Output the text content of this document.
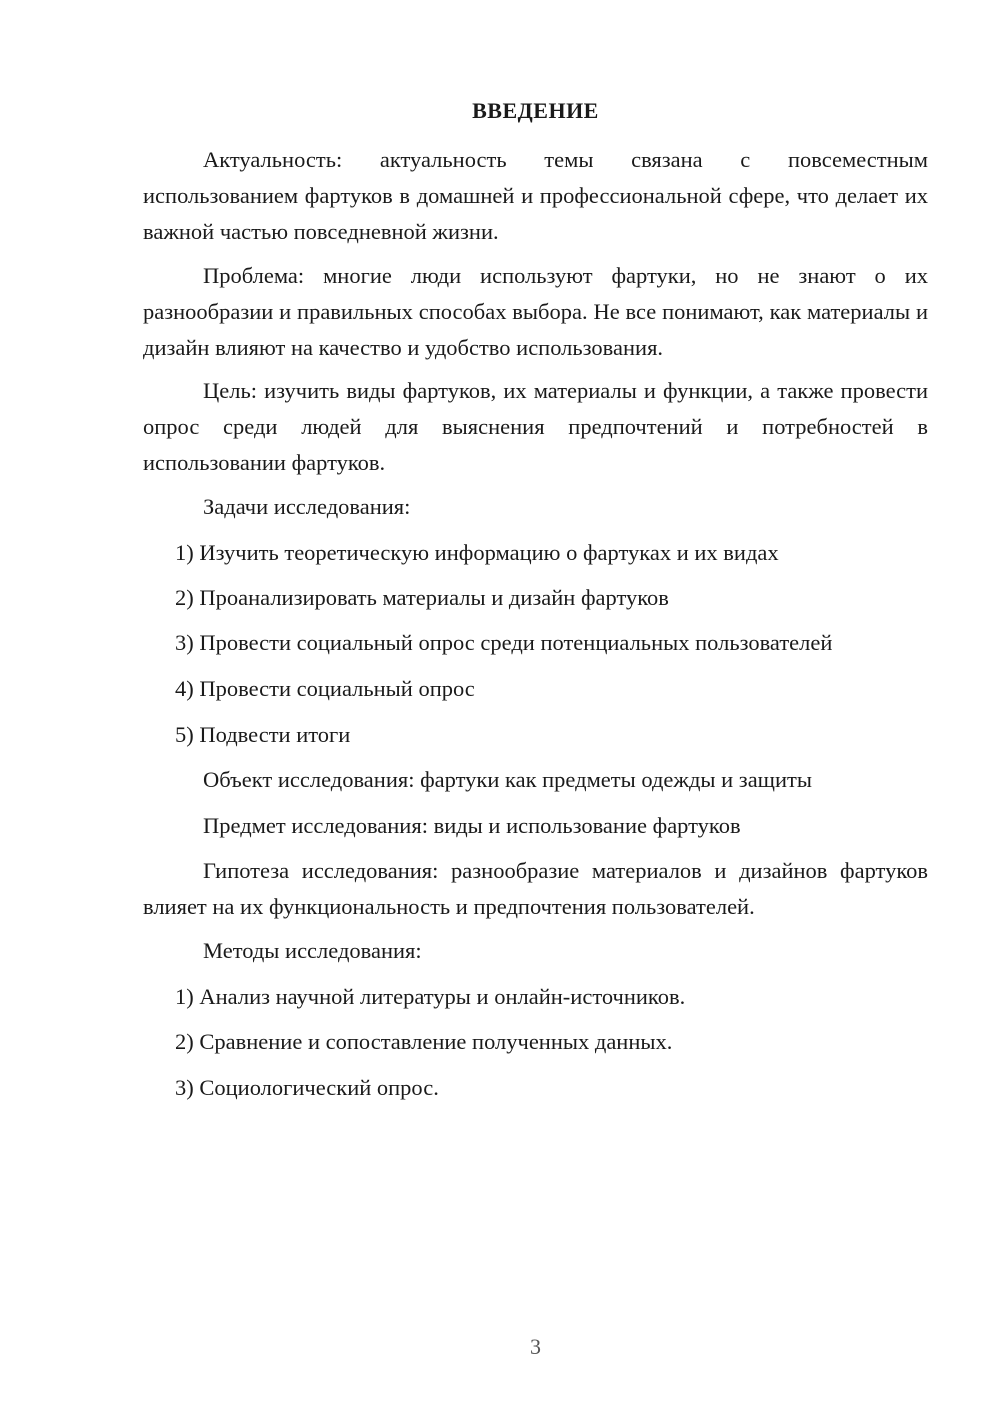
ВВЕДЕНИЕ
Актуальность: актуальность темы связана с повсеместным использованием фартуков в домашней и профессиональной сфере, что делает их важной частью повседневной жизни.
Проблема: многие люди используют фартуки, но не знают о их разнообразии и правильных способах выбора. Не все понимают, как материалы и дизайн влияют на качество и удобство использования.
Цель: изучить виды фартуков, их материалы и функции, а также провести опрос среди людей для выяснения предпочтений и потребностей в использовании фартуков.
Задачи исследования:
1) Изучить теоретическую информацию о фартуках и их видах
2) Проанализировать материалы и дизайн фартуков
3) Провести социальный опрос среди потенциальных пользователей
4) Провести социальный опрос
5) Подвести итоги
Объект исследования: фартуки как предметы одежды и защиты
Предмет исследования: виды и использование фартуков
Гипотеза исследования: разнообразие материалов и дизайнов фартуков влияет на их функциональность и предпочтения пользователей.
Методы исследования:
1) Анализ научной литературы и онлайн-источников.
2) Сравнение и сопоставление полученных данных.
3) Социологический опрос.
3
